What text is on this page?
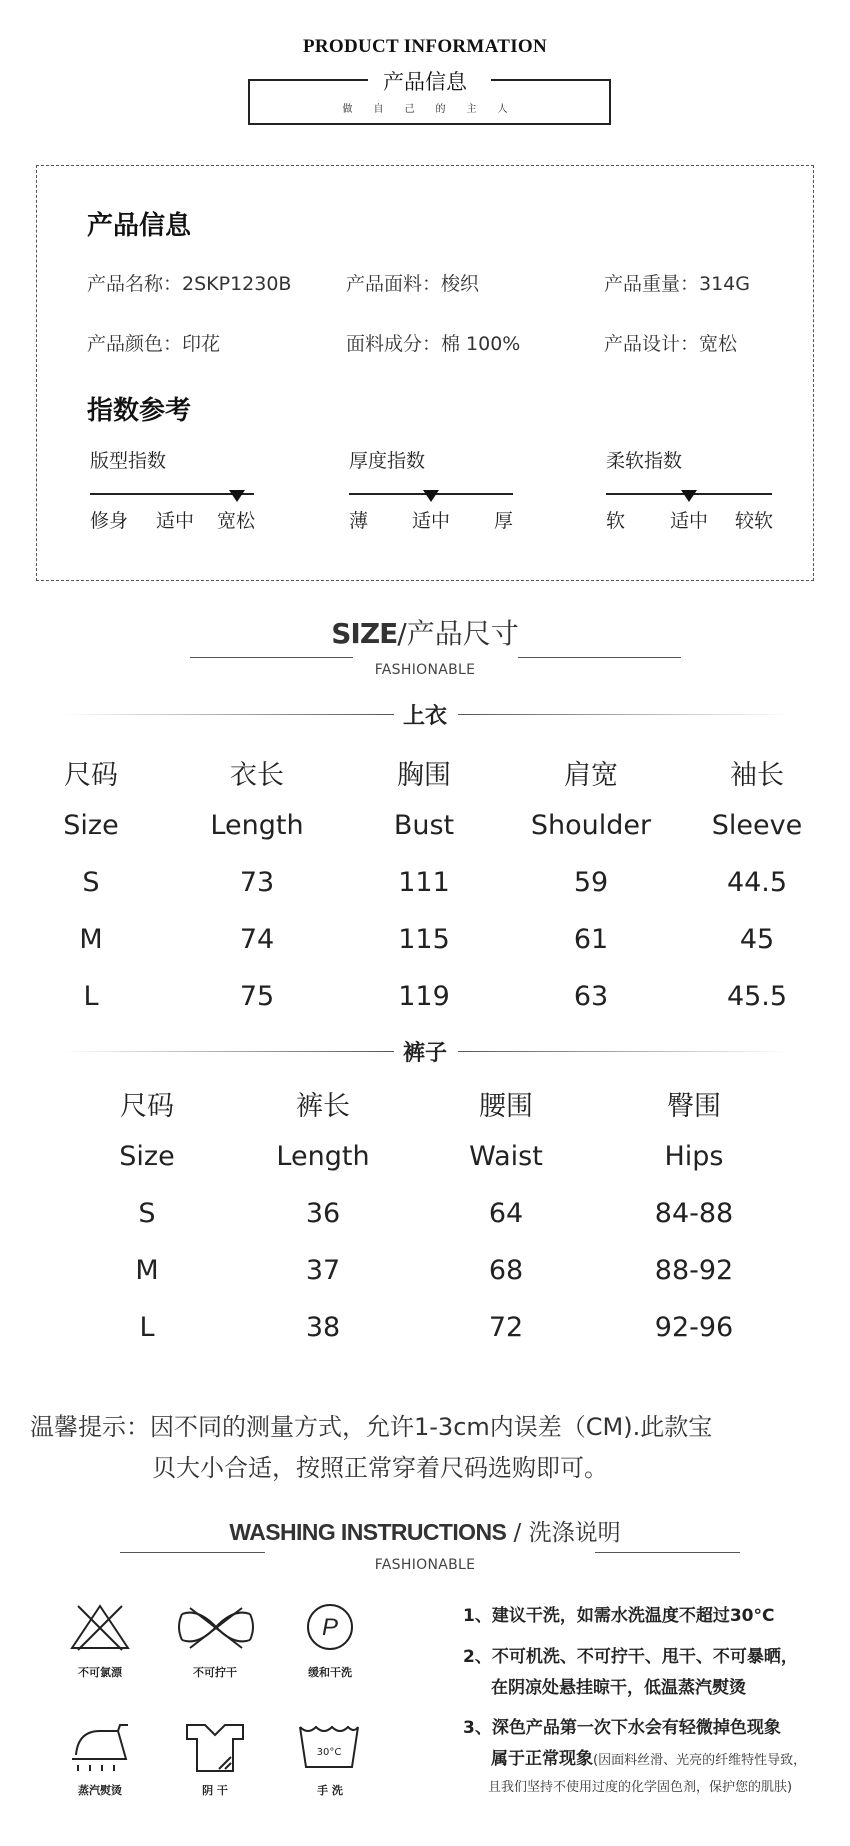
PRODUCT INFORMATION
产品信息
做自己的主人
产品信息
产品名称：2SKP1230B	产品面料：梭织	产品重量：314G
产品颜色：印花	面料成分：棉 100%	产品设计：宽松
指数参考
版型指数
修身 适中 宽松
厚度指数
薄 适中 厚
柔软指数
软 适中 较软
SIZE/产品尺寸
FASHIONABLE
上衣
尺码	衣长	胸围	肩宽	袖长
Size	Length	Bust	Shoulder	Sleeve
S	73	111	59	44.5
M	74	115	61	45
L	75	119	63	45.5
裤子
尺码	裤长	腰围	臀围
Size	Length	Waist	Hips
S	36	64	84-88
M	37	68	88-92
L	38	72	92-96
温馨提示：因不同的测量方式，允许1-3cm内误差（CM).此款宝
贝大小合适，按照正常穿着尺码选购即可。
WASHING INSTRUCTIONS / 洗涤说明
FASHIONABLE
不可氯漂	不可拧干
P
缓和干洗
蒸汽熨烫	阴 干
30°C
手 洗
1、建议干洗，如需水洗温度不超过30°C
2、不可机洗、不可拧干、甩干、不可暴晒，
在阴凉处悬挂晾干，低温蒸汽熨烫
3、深色产品第一次下水会有轻微掉色现象
属于正常现象(因面料丝滑、光亮的纤维特性导致，
且我们坚持不使用过度的化学固色剂，保护您的肌肤)
